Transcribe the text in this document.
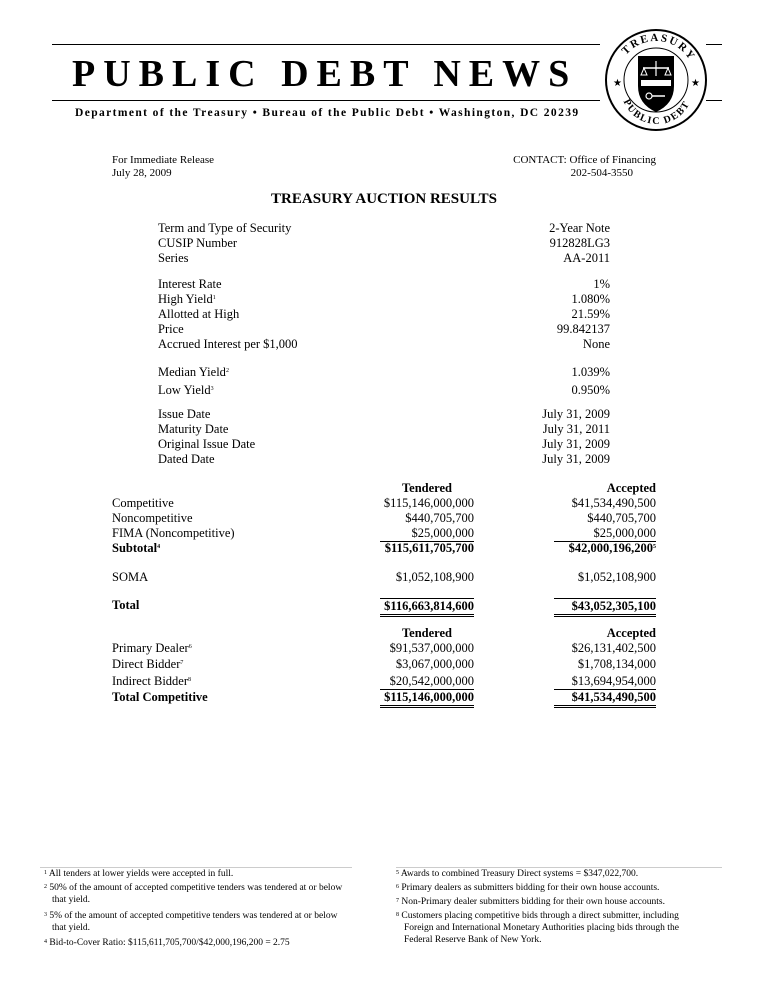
PUBLIC DEBT NEWS
Department of the Treasury • Bureau of the Public Debt • Washington, DC 20239
TREASURY
PUBLIC DEBT
★	★
For Immediate Release
July 28, 2009
CONTACT: Office of Financing
202-504-3550
TREASURY AUCTION RESULTS
Term and Type of Security	2-Year Note
CUSIP Number	912828LG3
Series	AA-2011
Interest Rate	1%
High Yield$^1$	1.080%
Allotted at High	21.59%
Price	99.842137
Accrued Interest per $1,000	None
Median Yield$^2$	1.039%
Low Yield$^3$	0.950%
Issue Date	July 31, 2009
Maturity Date	July 31, 2011
Original Issue Date	July 31, 2009
Dated Date	July 31, 2009
Tendered	Accepted
Competitive	$115,146,000,000	$41,534,490,500
Noncompetitive	$440,705,700	$440,705,700
FIMA (Noncompetitive)	$25,000,000	$25,000,000
Subtotal$^4$	$115,611,705,700	$42,000,196,200$^5$
SOMA	$1,052,108,900	$1,052,108,900
Total	$116,663,814,600	$43,052,305,100
Tendered	Accepted
Primary Dealer$^6$	$91,537,000,000	$26,131,402,500
Direct Bidder$^7$	$3,067,000,000	$1,708,134,000
Indirect Bidder$^8$	$20,542,000,000	$13,694,954,000
Total Competitive	$115,146,000,000	$41,534,490,500
$^1$ All tenders at lower yields were accepted in full.
$^2$ 50% of the amount of accepted competitive tenders was tendered at or below
that yield.
$^3$ 5% of the amount of accepted competitive tenders was tendered at or below
that yield.
$^4$ Bid-to-Cover Ratio: $115,611,705,700/$42,000,196,200 = 2.75
$^5$ Awards to combined Treasury Direct systems = $347,022,700.
$^6$ Primary dealers as submitters bidding for their own house accounts.
$^7$ Non-Primary dealer submitters bidding for their own house accounts.
$^8$ Customers placing competitive bids through a direct submitter, including
Foreign and International Monetary Authorities placing bids through the
Federal Reserve Bank of New York.
